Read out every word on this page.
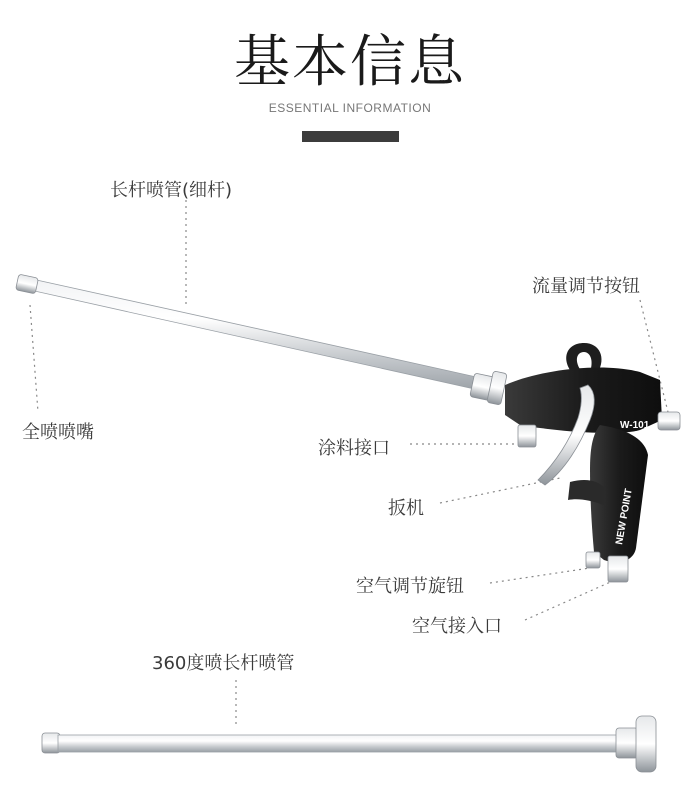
基本信息
ESSENTIAL INFORMATION
W-101
NEW POINT
长杆喷管(细杆)
流量调节按钮
全喷喷嘴
涂料接口
扳机
空气调节旋钮
空气接入口
360度喷长杆喷管
